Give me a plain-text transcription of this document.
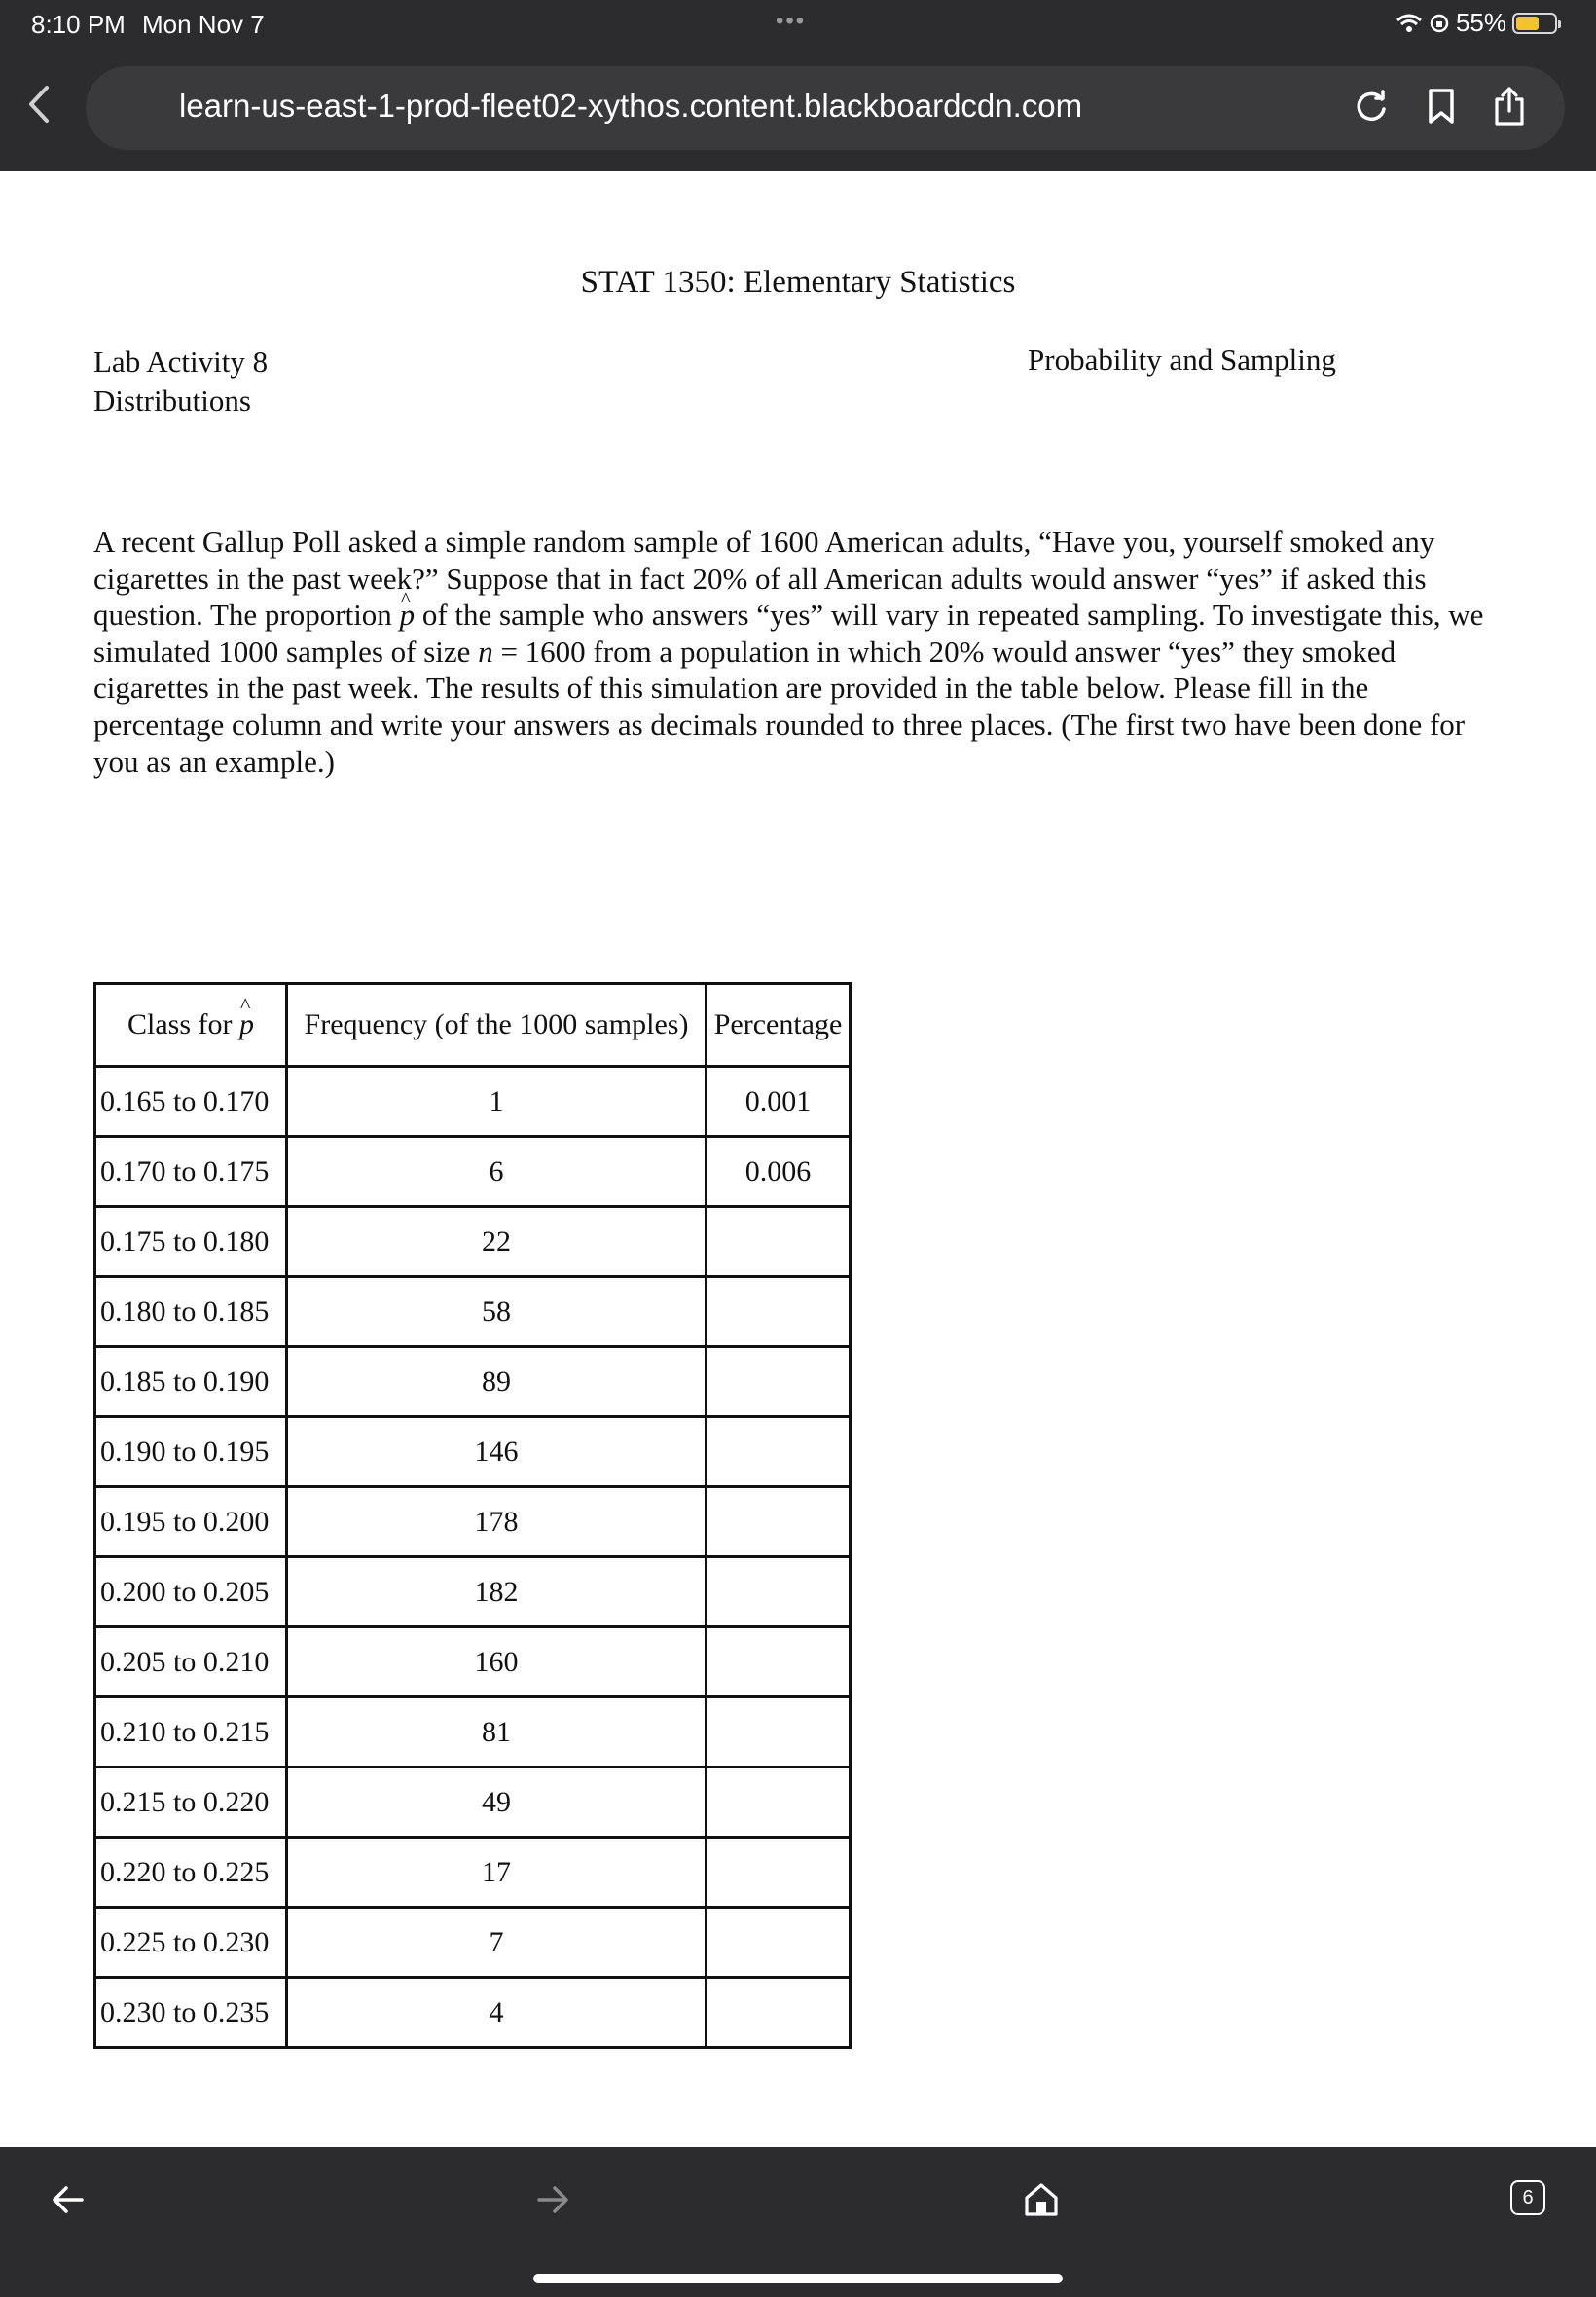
8:10 PM Mon Nov 7	•••	55%
learn-us-east-1-prod-fleet02-xythos.content.blackboardcdn.com
STAT 1350: Elementary Statistics
Lab Activity 8
Distributions
Probability and Sampling

A recent Gallup Poll asked a simple random sample of 1600 American adults, “Have you, yourself smoked any cigarettes in the past week?” Suppose that in fact 20% of all American adults would answer “yes” if asked this question. The proportion ^ p of the sample who answers “yes” will vary in repeated sampling. To investigate this, we simulated 1000 samples of size n = 1600 from a population in which 20% would answer “yes” they smoked cigarettes in the past week. The results of this simulation are provided in the table below. Please fill in the percentage column and write your answers as decimals rounded to three places. (The first two have been done for you as an example.)

Class for ^ p	Frequency (of the 1000 samples)	Percentage
0.165 to 0.170	1	0.001
0.170 to 0.175	6	0.006
0.175 to 0.180	22	
0.180 to 0.185	58	
0.185 to 0.190	89	
0.190 to 0.195	146	
0.195 to 0.200	178	
0.200 to 0.205	182	
0.205 to 0.210	160	
0.210 to 0.215	81	
0.215 to 0.220	49	
0.220 to 0.225	17	
0.225 to 0.230	7	
0.230 to 0.235	4	
6
